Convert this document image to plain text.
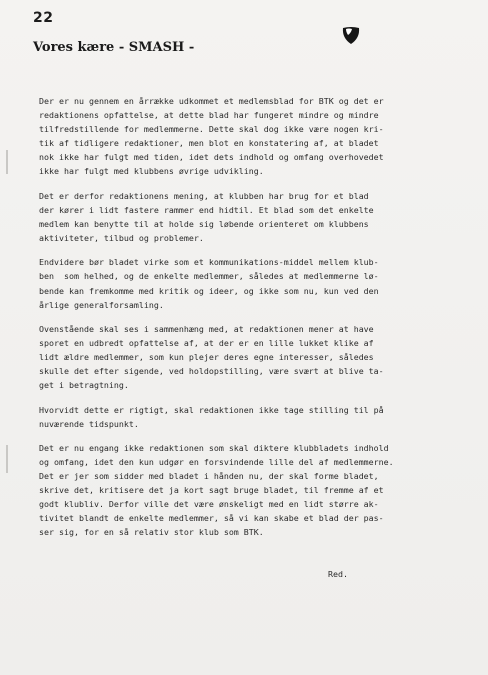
22
Vores kære - SMASH -
Der er nu gennem en årrække udkommet et medlemsblad for BTK og det er
redaktionens opfattelse, at dette blad har fungeret mindre og mindre
tilfredstillende for medlemmerne. Dette skal dog ikke være nogen kri-
tik af tidligere redaktioner, men blot en konstatering af, at bladet
nok ikke har fulgt med tiden, idet dets indhold og omfang overhovedet
ikke har fulgt med klubbens øvrige udvikling.
Det er derfor redaktionens mening, at klubben har brug for et blad
der kører i lidt fastere rammer end hidtil. Et blad som det enkelte
medlem kan benytte til at holde sig løbende orienteret om klubbens
aktiviteter, tilbud og problemer.
Endvidere bør bladet virke som et kommunikations-middel mellem klub-
ben  som helhed, og de enkelte medlemmer, således at medlemmerne lø-
bende kan fremkomme med kritik og ideer, og ikke som nu, kun ved den
årlige generalforsamling.
Ovenstående skal ses i sammenhæng med, at redaktionen mener at have
sporet en udbredt opfattelse af, at der er en lille lukket klike af
lidt ældre medlemmer, som kun plejer deres egne interesser, således
skulle det efter sigende, ved holdopstilling, være svært at blive ta-
get i betragtning.
Hvorvidt dette er rigtigt, skal redaktionen ikke tage stilling til på
nuværende tidspunkt.
Det er nu engang ikke redaktionen som skal diktere klubbladets indhold
og omfang, idet den kun udgør en forsvindende lille del af medlemmerne.
Det er jer som sidder med bladet i hånden nu, der skal forme bladet,
skrive det, kritisere det ja kort sagt bruge bladet, til fremme af et
godt klubliv. Derfor ville det være ønskeligt med en lidt større ak-
tivitet blandt de enkelte medlemmer, så vi kan skabe et blad der pas-
ser sig, for en så relativ stor klub som BTK.
Red.
